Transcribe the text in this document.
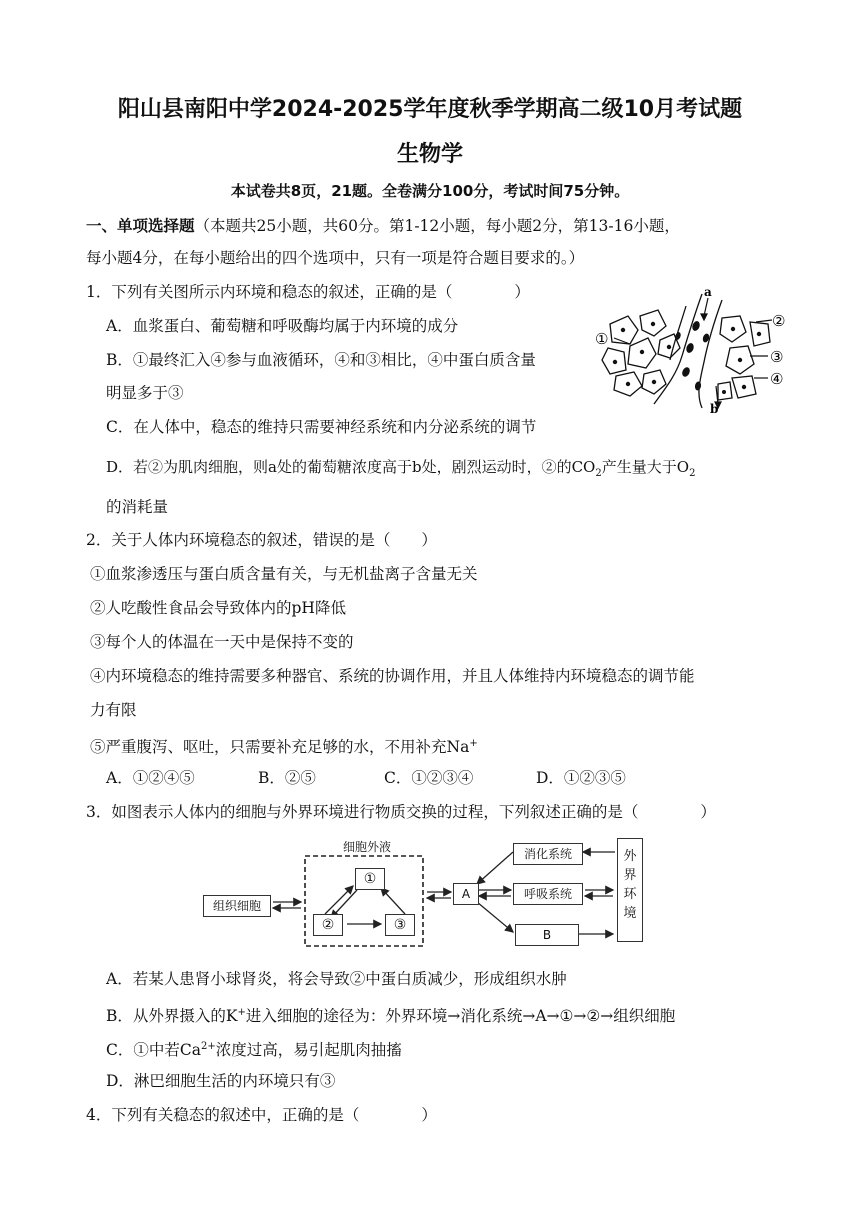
阳山县南阳中学2024-2025学年度秋季学期高二级10月考试题
生物学
本试卷共8页，21题。全卷满分100分，考试时间75分钟。
一、单项选择题（本题共25小题，共60分。第1-12小题，每小题2分，第13-16小题，
每小题4分，在每小题给出的四个选项中，只有一项是符合题目要求的。）
1．下列有关图所示内环境和稳态的叙述，正确的是（　　　　）
A．血浆蛋白、葡萄糖和呼吸酶均属于内环境的成分
B．①最终汇入④参与血液循环，④和③相比，④中蛋白质含量
明显多于③
C．在人体中，稳态的维持只需要神经系统和内分泌系统的调节
D．若②为肌肉细胞，则a处的葡萄糖浓度高于b处，剧烈运动时，②的$CO_2$产生量大于$O_2$
的消耗量
a
b
①
②
③
④
2．关于人体内环境稳态的叙述，错误的是（　　）
①血浆渗透压与蛋白质含量有关，与无机盐离子含量无关
②人吃酸性食品会导致体内的pH降低
③每个人的体温在一天中是保持不变的
④内环境稳态的维持需要多种器官、系统的协调作用，并且人体维持内环境稳态的调节能
力有限
⑤严重腹泻、呕吐，只需要补充足够的水，不用补充Na+
A．①②④⑤	B．②⑤	C．①②③④	D．①②③⑤
3．如图表示人体内的细胞与外界环境进行物质交换的过程，下列叙述正确的是（　　　　）
细胞外液
组织细胞
①
②	③
A
消化系统
呼吸系统
B
外
界
环
境
A．若某人患肾小球肾炎，将会导致②中蛋白质减少，形成组织水肿
B．从外界摄入的K+进入细胞的途径为：外界环境→消化系统→A→①→②→组织细胞
C．①中若$Ca^{2+}$浓度过高，易引起肌肉抽搐
D．淋巴细胞生活的内环境只有③
4．下列有关稳态的叙述中，正确的是（　　　　）
